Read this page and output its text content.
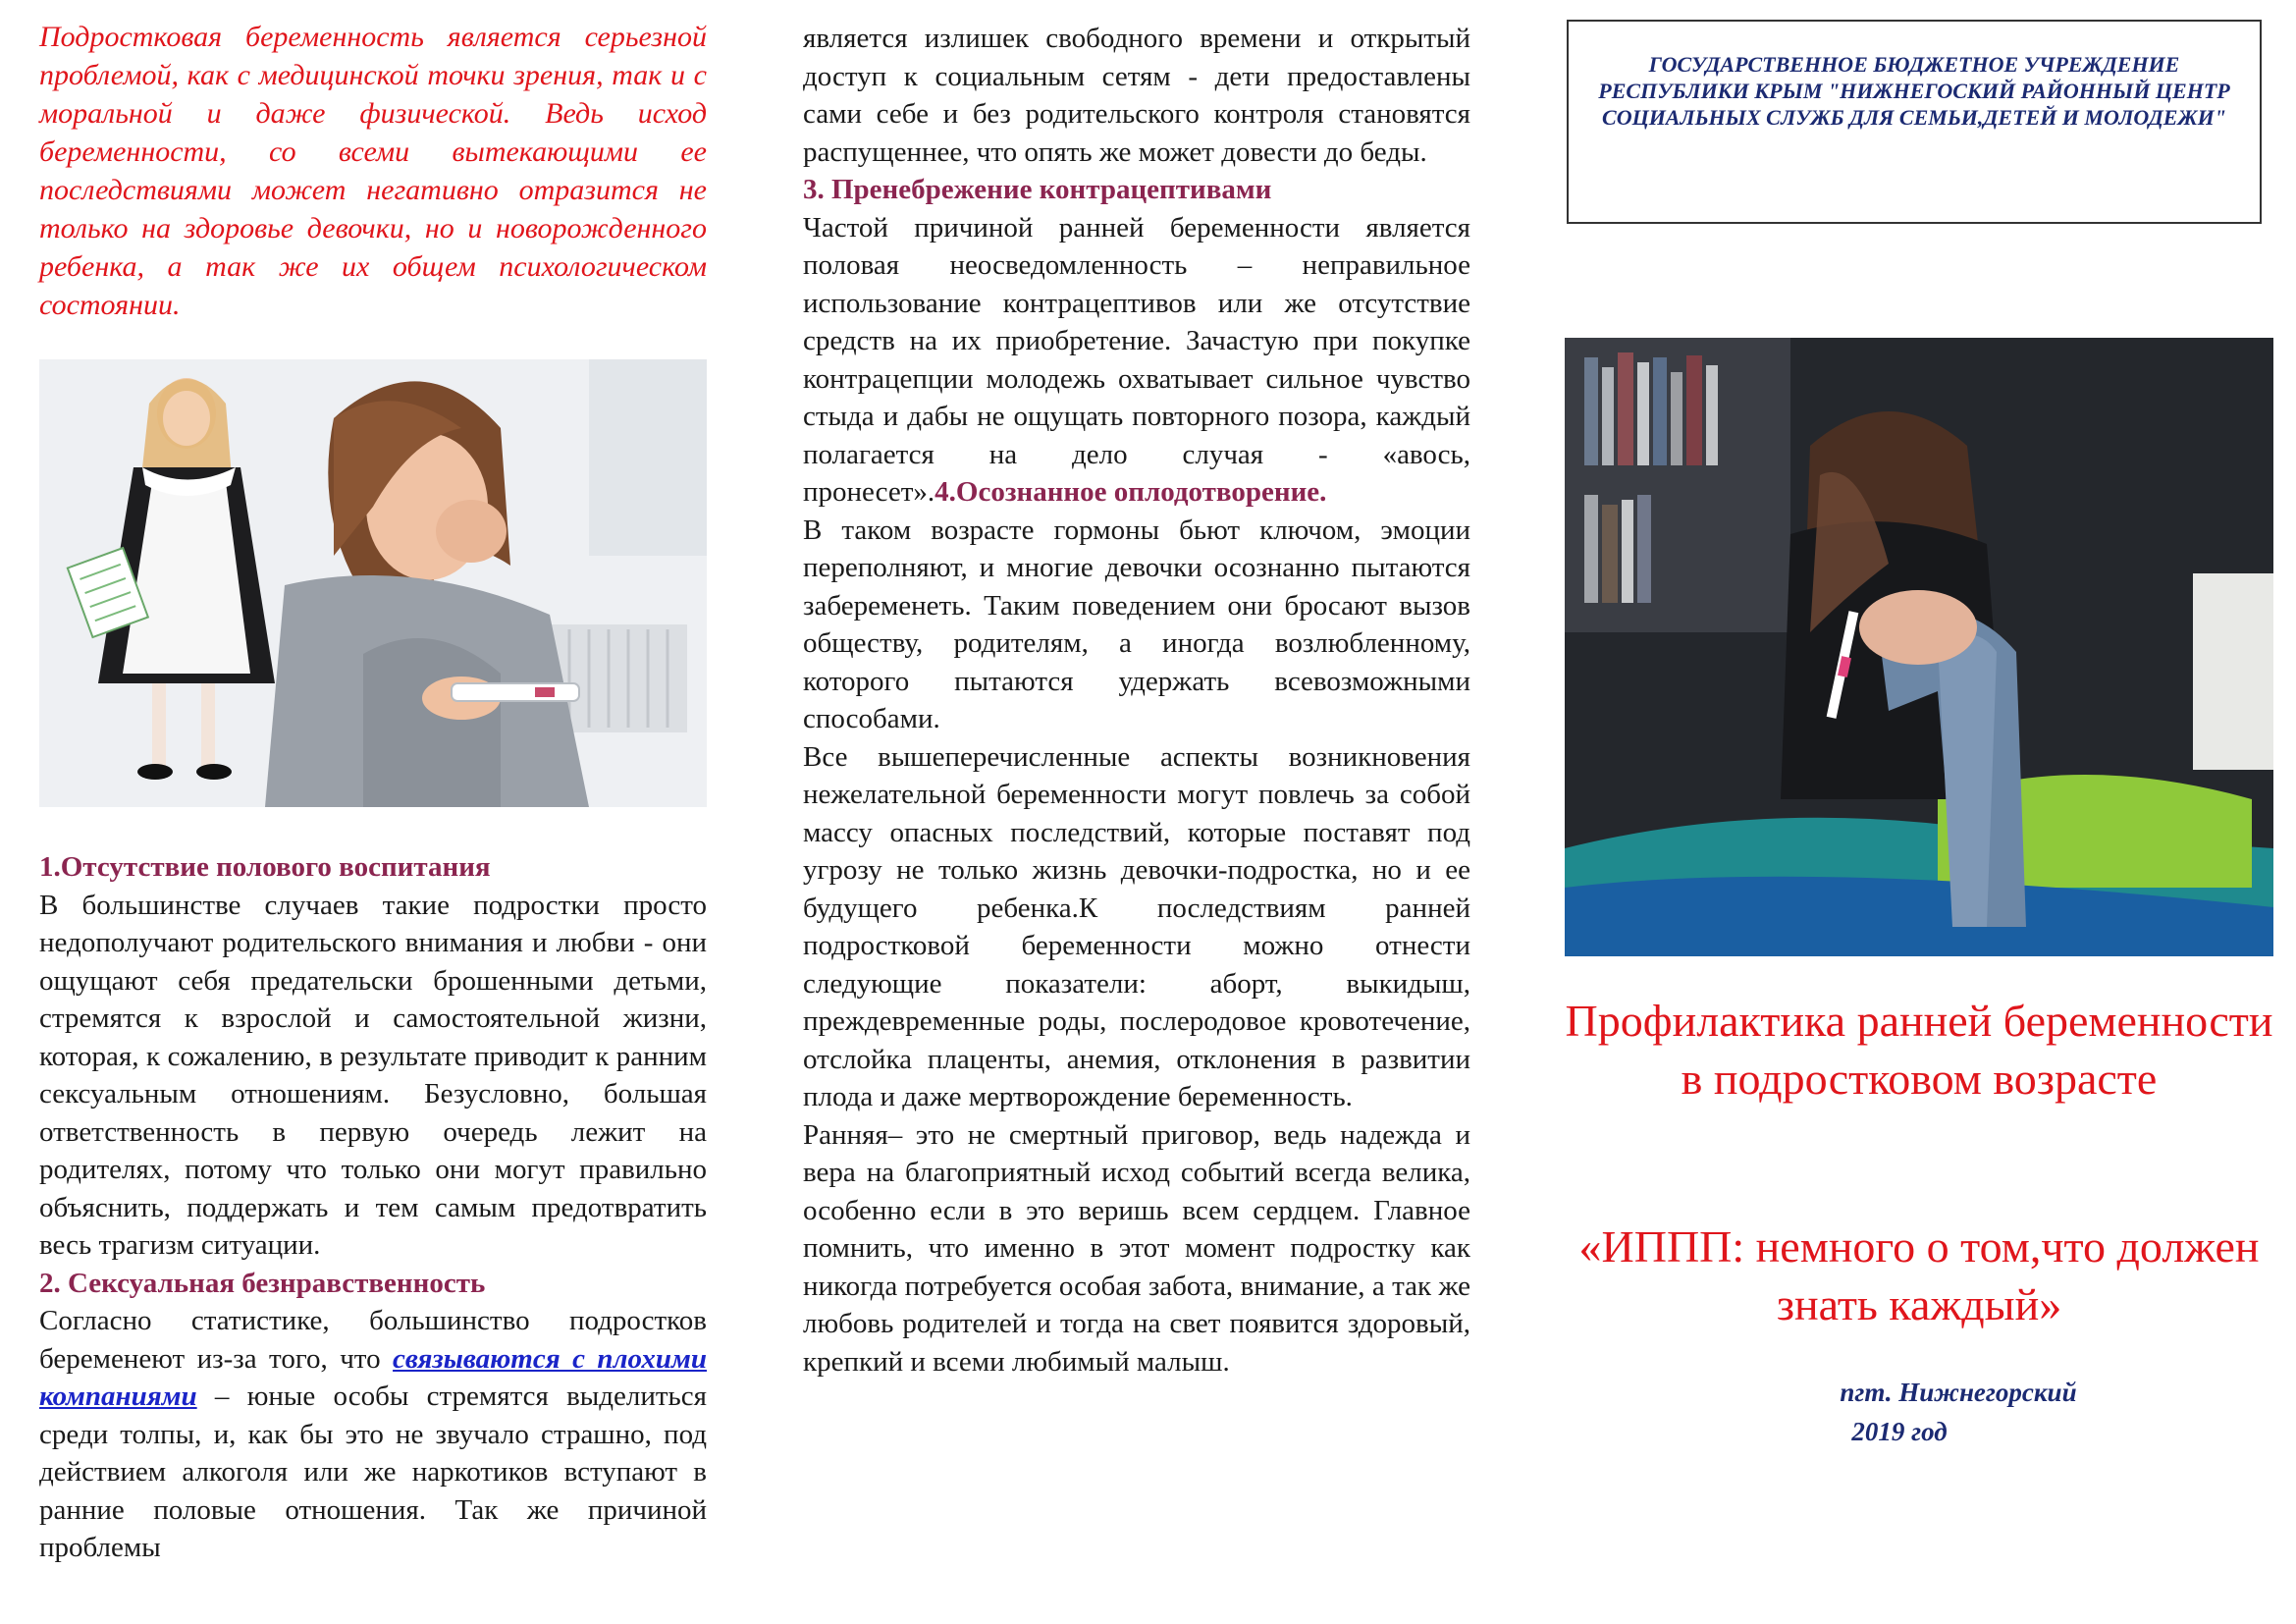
Подростковая беременность является серьезной проблемой, как с медицинской точки зрения, так и с моральной и даже физической. Ведь исход беременности, со всеми вытекающими ее последствиями может негативно отразится не только на здоровье девочки, но и новорожденного ребенка, а так же их общем психологическом состоянии.

1.Отсутствие полового воспитания
В большинстве случаев такие подростки просто недополучают родительского внимания и любви - они ощущают себя предательски брошенными детьми, стремятся к взрослой и самостоятельной жизни, которая, к сожалению, в результате приводит к ранним сексуальным отношениям. Безусловно, большая ответственность в первую очередь лежит на родителях, потому что только они могут правильно объяснить, поддержать и тем самым предотвратить весь трагизм ситуации.
2. Сексуальная безнравственность
Согласно статистике, большинство подростков беременеют из-за того, что связываются с плохими компаниями – юные особы стремятся выделиться среди толпы, и, как бы это не звучало страшно, под действием алкоголя или же наркотиков вступают в ранние половые отношения. Так же причиной проблемы

является излишек свободного времени и открытый доступ к социальным сетям - дети предоставлены сами себе и без родительского контроля становятся распущеннее, что опять же может довести до беды.
3. Пренебрежение контрацептивами
Частой причиной ранней беременности является половая неосведомленность – неправильное использование контрацептивов или же отсутствие средств на их приобретение. Зачастую при покупке контрацепции молодежь охватывает сильное чувство стыда и дабы не ощущать повторного позора, каждый полагается на дело случая - «авось, пронесет».4.Осознанное оплодотворение.
В таком возрасте гормоны бьют ключом, эмоции переполняют, и многие девочки осознанно пытаются забеременеть. Таким поведением они бросают вызов обществу, родителям, а иногда возлюбленному, которого пытаются удержать всевозможными способами.
Все вышеперечисленные аспекты возникновения нежелательной беременности могут повлечь за собой массу опасных последствий, которые поставят под угрозу не только жизнь девочки-подростка, но и ее будущего ребенка.К последствиям ранней подростковой беременности можно отнести следующие показатели: аборт, выкидыш, преждевременные роды, послеродовое кровотечение, отслойка плаценты, анемия, отклонения в развитии плода и даже мертворождение беременность.
Ранняя– это не смертный приговор, ведь надежда и вера на благоприятный исход событий всегда велика, особенно если в это веришь всем сердцем. Главное помнить, что именно в этот момент подростку как никогда потребуется особая забота, внимание, а так же любовь родителей и тогда на свет появится здоровый, крепкий и всеми любимый малыш.

ГОСУДАРСТВЕННОЕ БЮДЖЕТНОЕ УЧРЕЖДЕНИЕ РЕСПУБЛИКИ КРЫМ "НИЖНЕГОСКИЙ РАЙОННЫЙ ЦЕНТР СОЦИАЛЬНЫХ СЛУЖБ ДЛЯ СЕМЬИ,ДЕТЕЙ И МОЛОДЕЖИ"

Профилактика ранней беременности в подростковом возрасте

«ИППП: немного о том,что должен знать каждый»

пгт. Нижнегорский
2019 год
